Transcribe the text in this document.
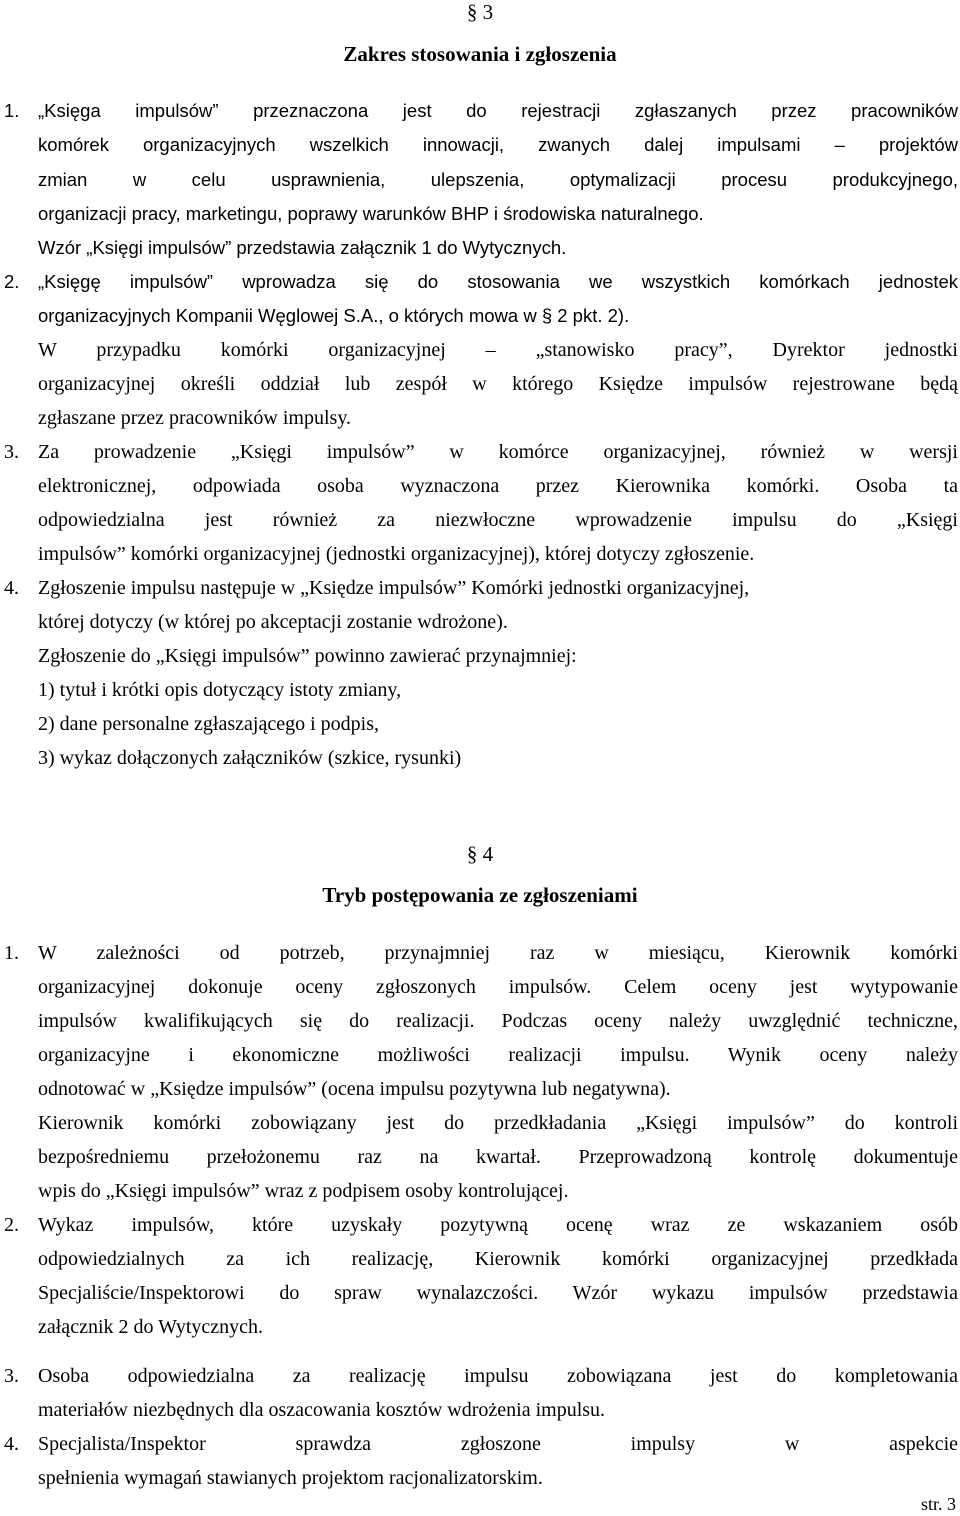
§ 3
Zakres stosowania i zgłoszenia
1. „Księga impulsów” przeznaczona jest do rejestracji zgłaszanych przez pracowników
komórek organizacyjnych wszelkich innowacji, zwanych dalej impulsami – projektów
zmian w celu usprawnienia, ulepszenia, optymalizacji procesu produkcyjnego,
organizacji pracy, marketingu, poprawy warunków BHP i środowiska naturalnego.
Wzór „Księgi impulsów” przedstawia załącznik 1 do Wytycznych.
2. „Księgę impulsów” wprowadza się do stosowania we wszystkich komórkach jednostek
organizacyjnych Kompanii Węglowej S.A., o których mowa w § 2 pkt. 2).
W przypadku komórki organizacyjnej – „stanowisko pracy”, Dyrektor jednostki
organizacyjnej określi oddział lub zespół w którego Księdze impulsów rejestrowane będą
zgłaszane przez pracowników impulsy.
3. Za prowadzenie „Księgi impulsów” w komórce organizacyjnej, również w wersji
elektronicznej, odpowiada osoba wyznaczona przez Kierownika komórki. Osoba ta
odpowiedzialna jest również za niezwłoczne wprowadzenie impulsu do „Księgi
impulsów” komórki organizacyjnej (jednostki organizacyjnej), której dotyczy zgłoszenie.
4. Zgłoszenie impulsu następuje w „Księdze impulsów” Komórki jednostki organizacyjnej,
której dotyczy (w której po akceptacji zostanie wdrożone).
Zgłoszenie do „Księgi impulsów” powinno zawierać przynajmniej:
1) tytuł i krótki opis dotyczący istoty zmiany,
2) dane personalne zgłaszającego i podpis,
3) wykaz dołączonych załączników (szkice, rysunki)
§ 4
Tryb postępowania ze zgłoszeniami
1. W zależności od potrzeb, przynajmniej raz w miesiącu, Kierownik komórki
organizacyjnej dokonuje oceny zgłoszonych impulsów. Celem oceny jest wytypowanie
impulsów kwalifikujących się do realizacji. Podczas oceny należy uwzględnić techniczne,
organizacyjne i ekonomiczne możliwości realizacji impulsu. Wynik oceny należy
odnotować w „Księdze impulsów” (ocena impulsu pozytywna lub negatywna).
Kierownik komórki zobowiązany jest do przedkładania „Księgi impulsów” do kontroli
bezpośredniemu przełożonemu raz na kwartał. Przeprowadzoną kontrolę dokumentuje
wpis do „Księgi impulsów” wraz z podpisem osoby kontrolującej.
2. Wykaz impulsów, które uzyskały pozytywną ocenę wraz ze wskazaniem osób
odpowiedzialnych za ich realizację, Kierownik komórki organizacyjnej przedkłada
Specjaliście/Inspektorowi do spraw wynalazczości. Wzór wykazu impulsów przedstawia
załącznik 2 do Wytycznych.
3. Osoba odpowiedzialna za realizację impulsu zobowiązana jest do kompletowania
materiałów niezbędnych dla oszacowania kosztów wdrożenia impulsu.
4. Specjalista/Inspektor sprawdza zgłoszone impulsy w aspekcie
spełnienia wymagań stawianych projektom racjonalizatorskim.
str. 3
